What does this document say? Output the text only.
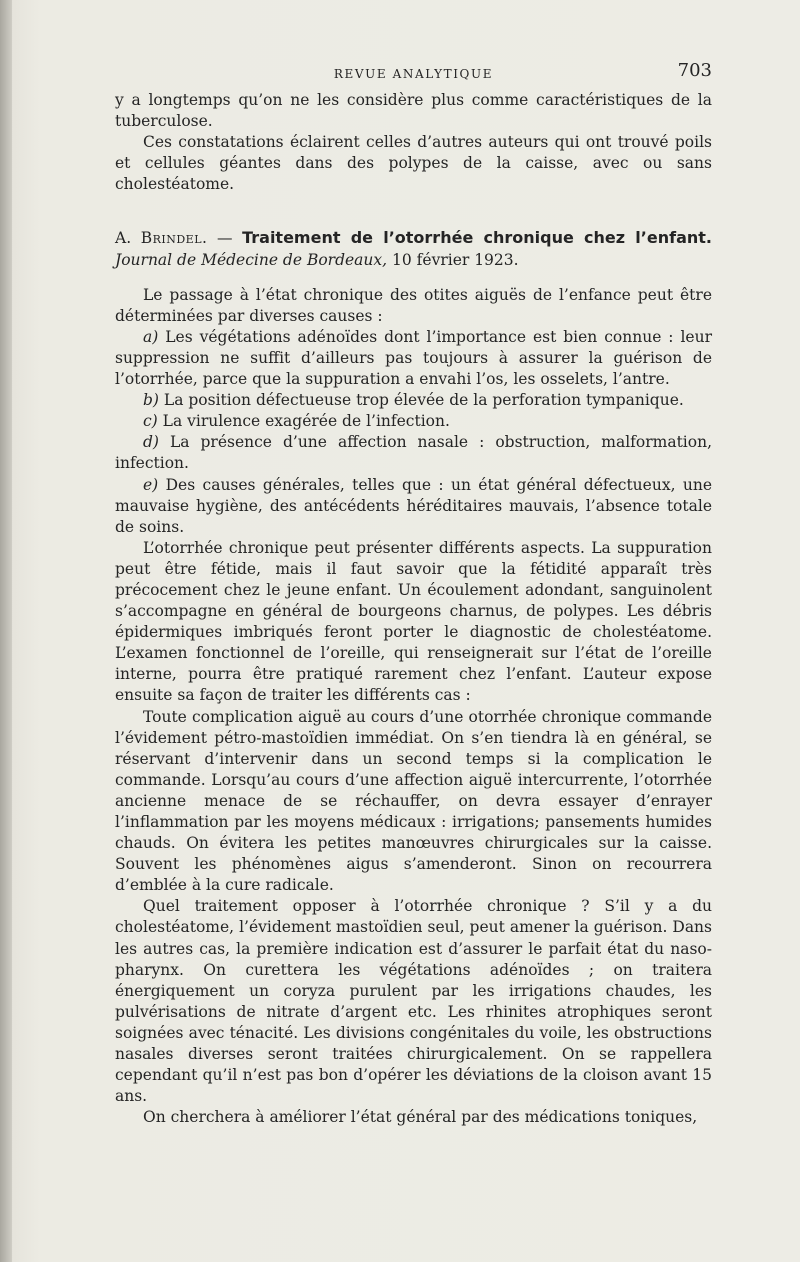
REVUE ANALYTIQUE	703

y a longtemps qu’on ne les considère plus comme caractéristiques de la tuberculose.

Ces constatations éclairent celles d’autres auteurs qui ont trouvé poils et cellules géantes dans des polypes de la caisse, avec ou sans cholestéatome.

A. Brindel. — Traitement de l’otorrhée chronique chez l’enfant. Journal de Médecine de Bordeaux, 10 février 1923.

Le passage à l’état chronique des otites aiguës de l’enfance peut être déterminées par diverses causes :

a) Les végétations adénoïdes dont l’importance est bien connue : leur suppression ne suffit d’ailleurs pas toujours à assurer la guérison de l’otorrhée, parce que la suppuration a envahi l’os, les osselets, l’antre.

b) La position défectueuse trop élevée de la perforation tympanique.

c) La virulence exagérée de l’infection.

d) La présence d’une affection nasale : obstruction, malformation, infection.

e) Des causes générales, telles que : un état général défectueux, une mauvaise hygiène, des antécédents héréditaires mauvais, l’absence totale de soins.

L’otorrhée chronique peut présenter différents aspects. La suppuration peut être fétide, mais il faut savoir que la fétidité apparaît très précocement chez le jeune enfant. Un écoulement adondant, sanguinolent s’accompagne en général de bourgeons charnus, de polypes. Les débris épidermiques imbriqués feront porter le diagnostic de cholestéatome. L’examen fonctionnel de l’oreille, qui renseignerait sur l’état de l’oreille interne, pourra être pratiqué rarement chez l’enfant. L’auteur expose ensuite sa façon de traiter les différents cas :

Toute complication aiguë au cours d’une otorrhée chronique commande l’évidement pétro-mastoïdien immédiat. On s’en tiendra là en général, se réservant d’intervenir dans un second temps si la complication le commande. Lorsqu’au cours d’une affection aiguë intercurrente, l’otorrhée ancienne menace de se réchauffer, on devra essayer d’enrayer l’inflammation par les moyens médicaux : irrigations; pansements humides chauds. On évitera les petites manœuvres chirurgicales sur la caisse. Souvent les phénomènes aigus s’amenderont. Sinon on recourrera d’emblée à la cure radicale.

Quel traitement opposer à l’otorrhée chronique ? S’il y a du cholestéatome, l’évidement mastoïdien seul, peut amener la guérison. Dans les autres cas, la première indication est d’assurer le parfait état du naso-pharynx. On curettera les végétations adénoïdes ; on traitera énergiquement un coryza purulent par les irrigations chaudes, les pulvérisations de nitrate d’argent etc. Les rhinites atrophiques seront soignées avec ténacité. Les divisions congénitales du voile, les obstructions nasales diverses seront traitées chirurgicalement. On se rappellera cependant qu’il n’est pas bon d’opérer les déviations de la cloison avant 15 ans.

On cherchera à améliorer l’état général par des médications toniques,
